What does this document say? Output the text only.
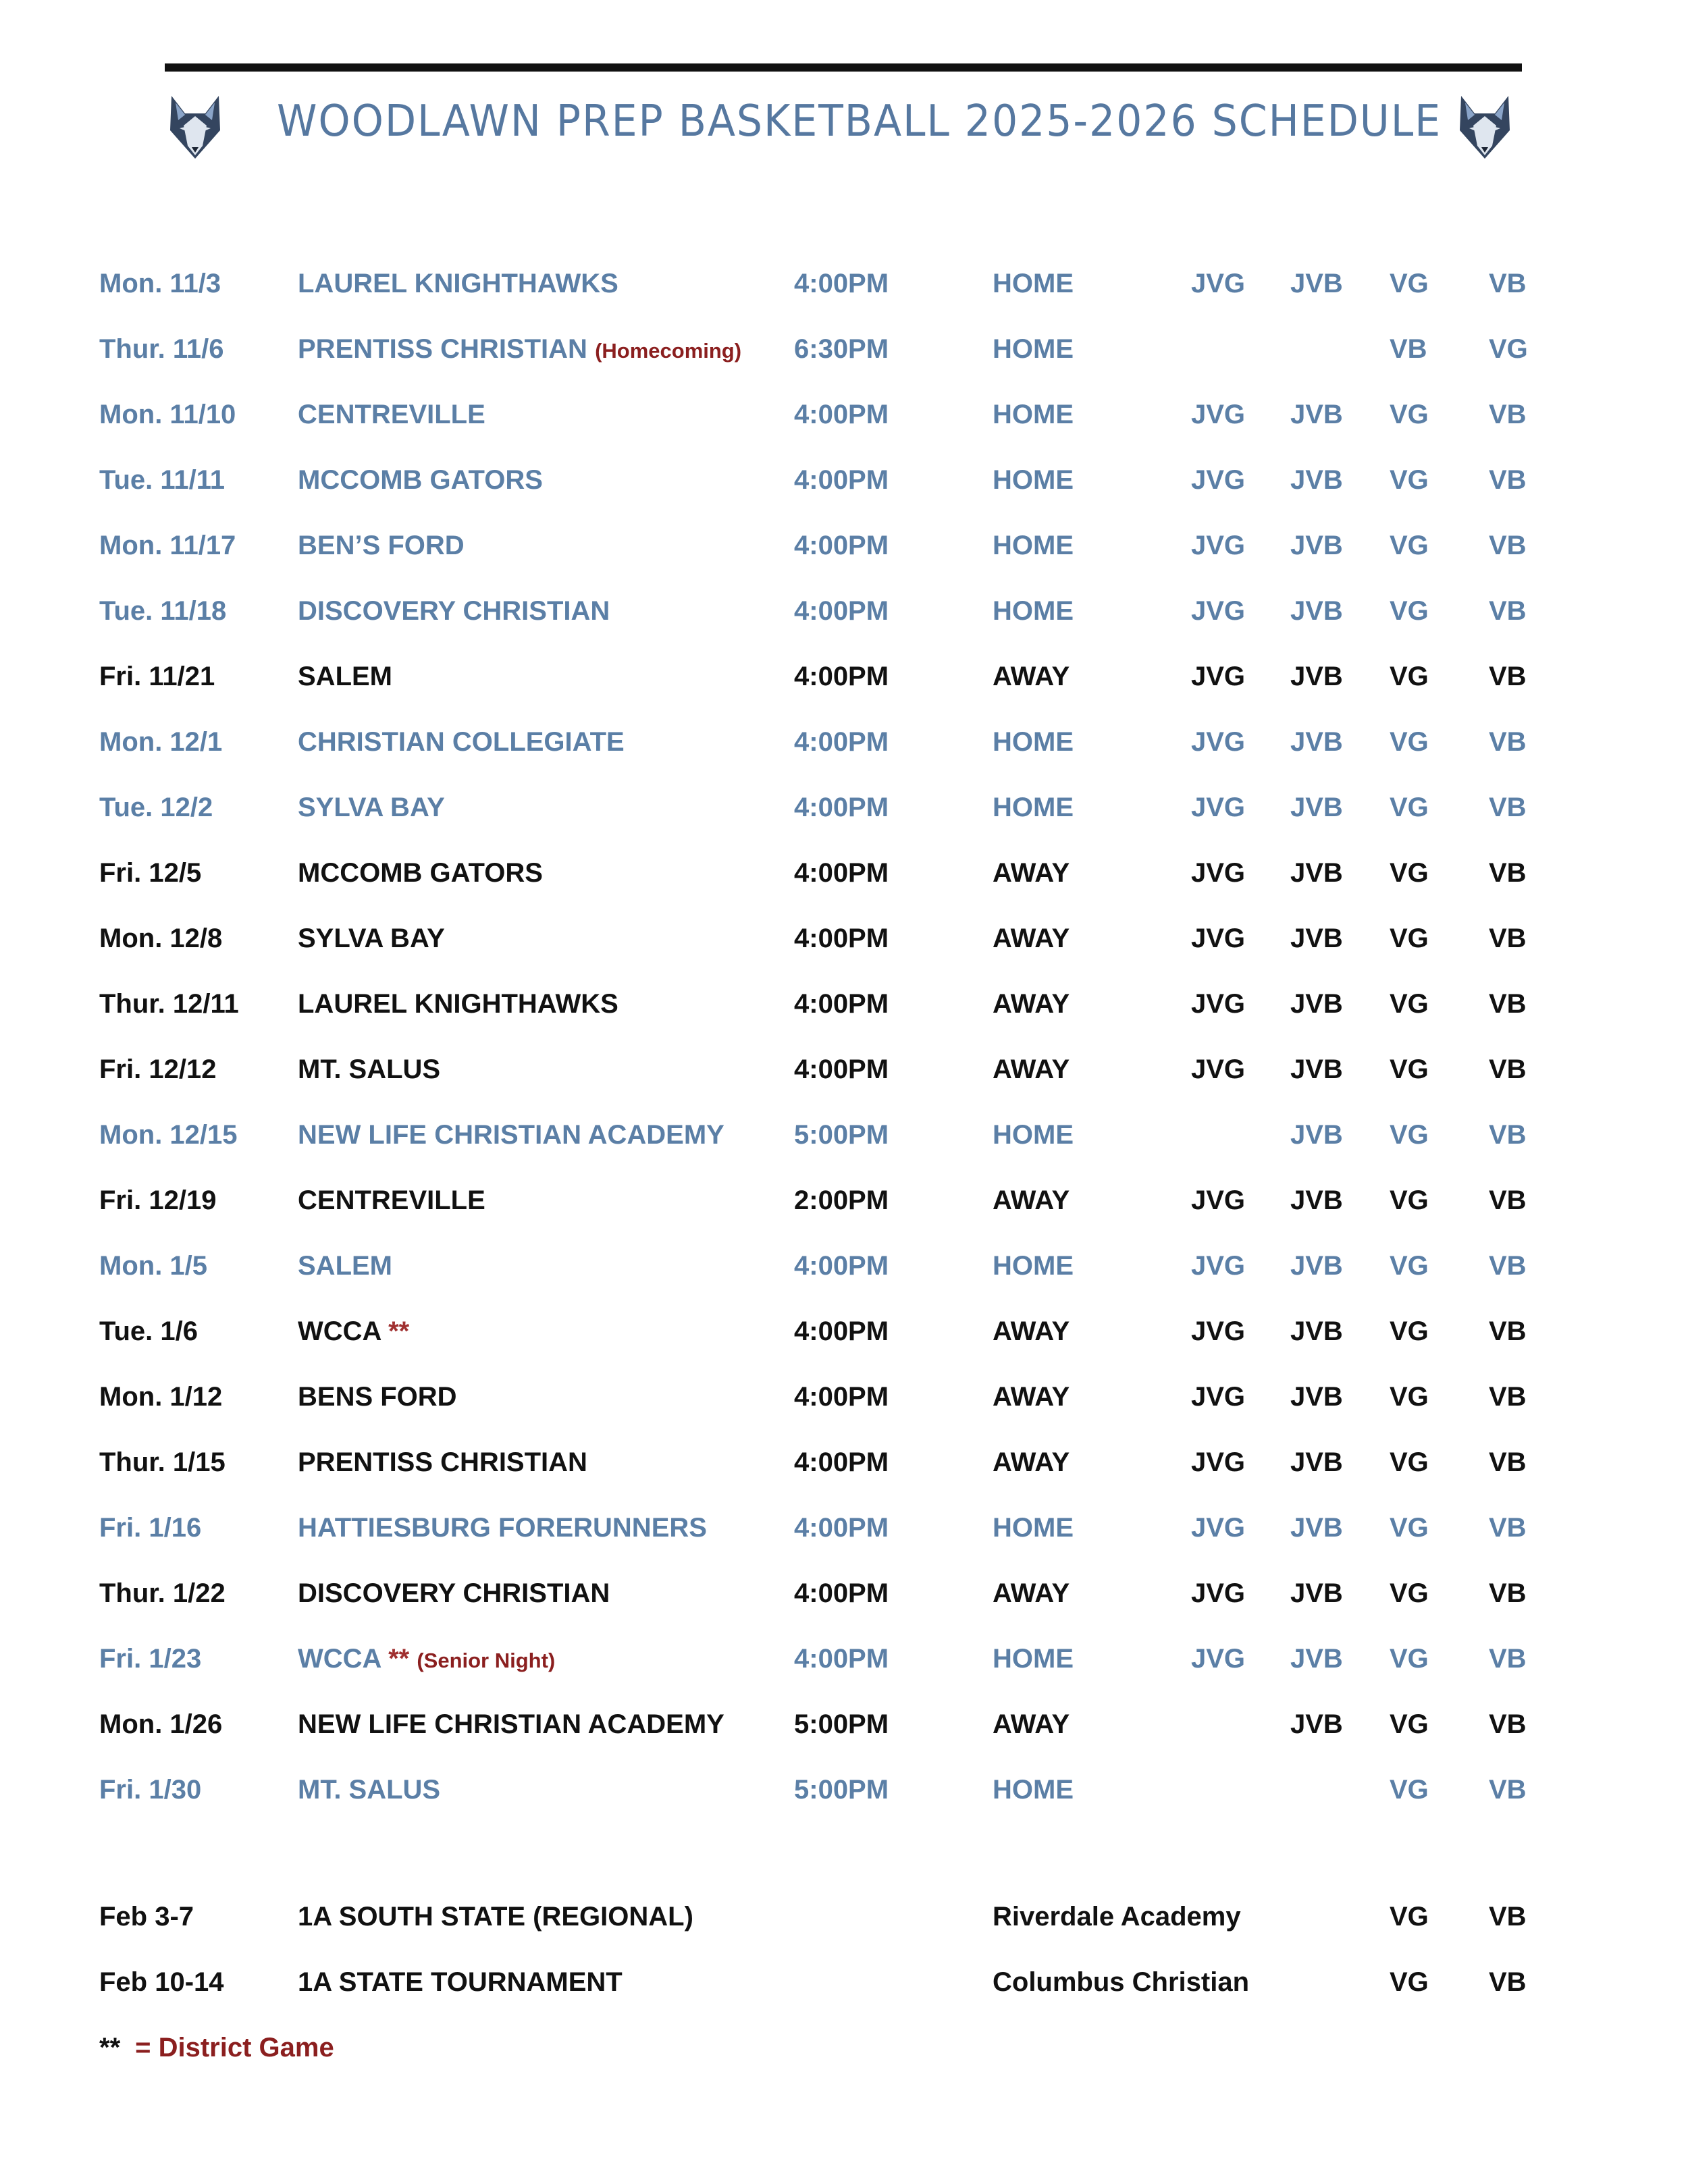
WOODLAWN PREP BASKETBALL 2025-2026 SCHEDULE
Mon. 11/3	LAUREL KNIGHTHAWKS	4:00PM	HOME	JVG JVB VG VB
Thur. 11/6	PRENTISS CHRISTIAN (Homecoming) 6:30PM	HOME	VB VG
Mon. 11/10 CENTREVILLE	4:00PM	HOME	JVG JVB VG VB
Tue. 11/11	MCCOMB GATORS	4:00PM	HOME	JVG JVB VG VB
Mon. 11/17 BEN’S FORD	4:00PM	HOME	JVG JVB VG VB
Tue. 11/18	DISCOVERY CHRISTIAN	4:00PM	HOME	JVG JVB VG VB
Fri. 11/21	SALEM	4:00PM	AWAY	JVG JVB VG VB
Mon. 12/1	CHRISTIAN COLLEGIATE	4:00PM	HOME	JVG JVB VG VB
Tue. 12/2	SYLVA BAY	4:00PM	HOME	JVG JVB VG VB
Fri. 12/5	MCCOMB GATORS	4:00PM	AWAY	JVG JVB VG VB
Mon. 12/8	SYLVA BAY	4:00PM	AWAY	JVG JVB VG VB
Thur. 12/11 LAUREL KNIGHTHAWKS	4:00PM	AWAY	JVG JVB VG VB
Fri. 12/12	MT. SALUS	4:00PM	AWAY	JVG JVB VG VB
Mon. 12/15 NEW LIFE CHRISTIAN ACADEMY	5:00PM	HOME	JVB VG VB
Fri. 12/19	CENTREVILLE	2:00PM	AWAY	JVG JVB VG VB
Mon. 1/5	SALEM	4:00PM	HOME	JVG JVB VG VB
Tue. 1/6	WCCA **	4:00PM	AWAY	JVG JVB VG VB
Mon. 1/12	BENS FORD	4:00PM	AWAY	JVG JVB VG VB
Thur. 1/15	PRENTISS CHRISTIAN	4:00PM	AWAY	JVG JVB VG VB
Fri. 1/16	HATTIESBURG FORERUNNERS	4:00PM	HOME	JVG JVB VG VB
Thur. 1/22	DISCOVERY CHRISTIAN	4:00PM	AWAY	JVG JVB VG VB
Fri. 1/23	WCCA ** (Senior Night)	4:00PM	HOME	JVG JVB VG VB
Mon. 1/26	NEW LIFE CHRISTIAN ACADEMY	5:00PM	AWAY	JVB VG VB
Fri. 1/30	MT. SALUS	5:00PM	HOME	VG VB
Feb 3-7	1A SOUTH STATE (REGIONAL)	Riverdale Academy	VG VB
Feb 10-14	1A STATE TOURNAMENT	Columbus Christian	VG VB
** = District Game
